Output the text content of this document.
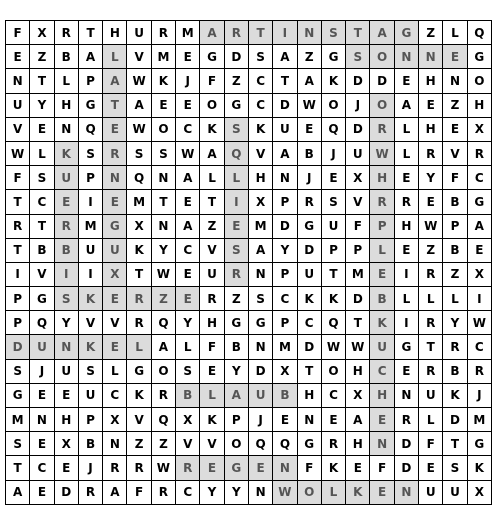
F	X	R	T	H	U	R	M	A	R	T	I	N	S	T	A	G	Z	L	Q
E	Z	B	A	L	V	M	E	G	D	S	A	Z	G	S	O	N	N	E	G
N	T	L	P	A	W	K	J	F	Z	C	T	A	K	D	D	E	H	N	O
U	Y	H	G	T	A	E	E	O	G	C	D	W	O	J	O	A	E	Z	H
V	E	N	Q	E	W	O	C	K	S	K	U	E	Q	D	R	L	H	E	X
W	L	K	S	R	S	S	W	A	Q	V	A	B	J	U	W	L	R	V	R
F	S	U	P	N	Q	N	A	L	L	H	N	J	E	X	H	E	Y	F	C
T	C	E	I	E	M	T	E	T	I	X	P	R	S	V	R	R	E	B	G
R	T	R	M	G	X	N	A	Z	E	M	D	G	U	F	P	H	W	P	A
T	B	B	U	U	K	Y	C	V	S	A	Y	D	P	P	L	E	Z	B	E
I	V	I	I	X	T	W	E	U	R	N	P	U	T	M	E	I	R	Z	X
P	G	S	K	E	R	Z	E	R	Z	S	C	K	K	D	B	L	L	L	I
P	Q	Y	V	V	R	Q	Y	H	G	G	P	C	Q	T	K	I	R	Y	W
D	U	N	K	E	L	A	L	F	B	N	M	D	W	W	U	G	T	R	C
S	J	U	S	L	G	O	S	E	Y	D	X	T	O	H	C	E	R	B	R
G	E	E	U	C	K	R	B	L	A	U	B	H	C	X	H	N	U	K	J
M	N	H	P	X	V	Q	X	K	P	J	E	N	E	A	E	R	L	D	M
S	E	X	B	N	Z	Z	V	V	O	Q	Q	G	R	H	N	D	F	T	G
T	C	E	J	R	R	W	R	E	G	E	N	F	K	E	F	D	E	S	K
A	E	D	R	A	F	R	C	Y	Y	N	W	O	L	K	E	N	U	U	X
